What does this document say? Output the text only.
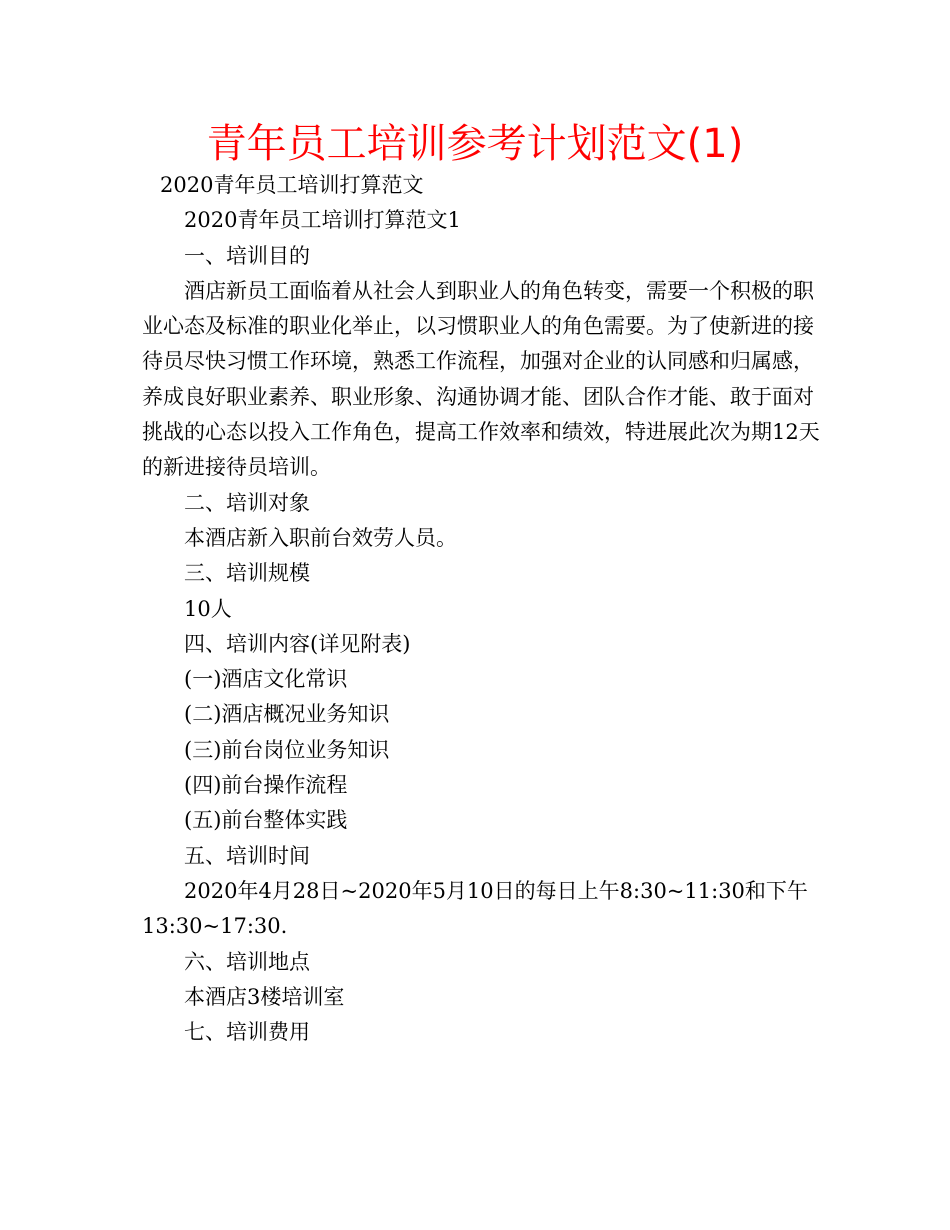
青年员工培训参考计划范文(1)

2020青年员工培训打算范文

2020青年员工培训打算范文1

一、培训目的

酒店新员工面临着从社会人到职业人的角色转变，需要一个积极的职业心态及标准的职业化举止，以习惯职业人的角色需要。为了使新进的接待员尽快习惯工作环境，熟悉工作流程，加强对企业的认同感和归属感，养成良好职业素养、职业形象、沟通协调才能、团队合作才能、敢于面对挑战的心态以投入工作角色，提高工作效率和绩效，特进展此次为期12天的新进接待员培训。

二、培训对象

本酒店新入职前台效劳人员。

三、培训规模

10人

四、培训内容(详见附表)

(一)酒店文化常识

(二)酒店概况业务知识

(三)前台岗位业务知识

(四)前台操作流程

(五)前台整体实践

五、培训时间

2020年4月28日~2020年5月10日的每日上午8:30~11:30和下午13:30~17:30.

六、培训地点

本酒店3楼培训室

七、培训费用
